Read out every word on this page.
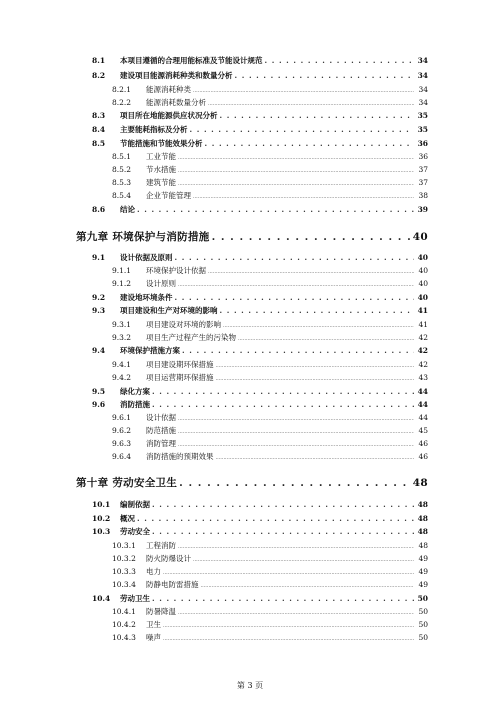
8.1	本项目遵循的合理用能标准及节能设计规范 . . .	34
8.2	建设项目能源消耗种类和数量分析 . . .	34
8.2.1	能源消耗种类 .....	34
8.2.2	能源消耗数量分析 .....	34
8.3	项目所在地能源供应状况分析 . . .	35
8.4	主要能耗指标及分析 . . .	35
8.5	节能措施和节能效果分析 . . .	36
8.5.1	工业节能 .....	36
8.5.2	节水措施 .....	37
8.5.3	建筑节能 .....	37
8.5.4	企业节能管理 .....	38
8.6	结论 . . .	39
第九章 环境保护与消防措施 . . .	40
9.1	设计依据及原则 . . .	40
9.1.1	环境保护设计依据 .....	40
9.1.2	设计原则 .....	40
9.2	建设地环境条件 . . .	40
9.3	项目建设和生产对环境的影响 . . .	41
9.3.1	项目建设对环境的影响 .....	41
9.3.2	项目生产过程产生的污染物 .....	42
9.4	环境保护措施方案 . . .	42
9.4.1	项目建设期环保措施 .....	42
9.4.2	项目运营期环保措施 .....	43
9.5	绿化方案 . . .	44
9.6	消防措施 . . .	44
9.6.1	设计依据 .....	44
9.6.2	防范措施 .....	45
9.6.3	消防管理 .....	46
9.6.4	消防措施的预期效果 .....	46
第十章 劳动安全卫生 . . .	48
10.1	编制依据 . . .	48
10.2	概况 . . .	48
10.3	劳动安全 . . .	48
10.3.1	工程消防 .....	48
10.3.2	防火防爆设计 .....	49
10.3.3	电力 .....	49
10.3.4	防静电防雷措施 .....	49
10.4	劳动卫生 . . .	50
10.4.1	防暑降温 .....	50
10.4.2	卫生 .....	50
10.4.3	噪声 .....	50
第 3 页
